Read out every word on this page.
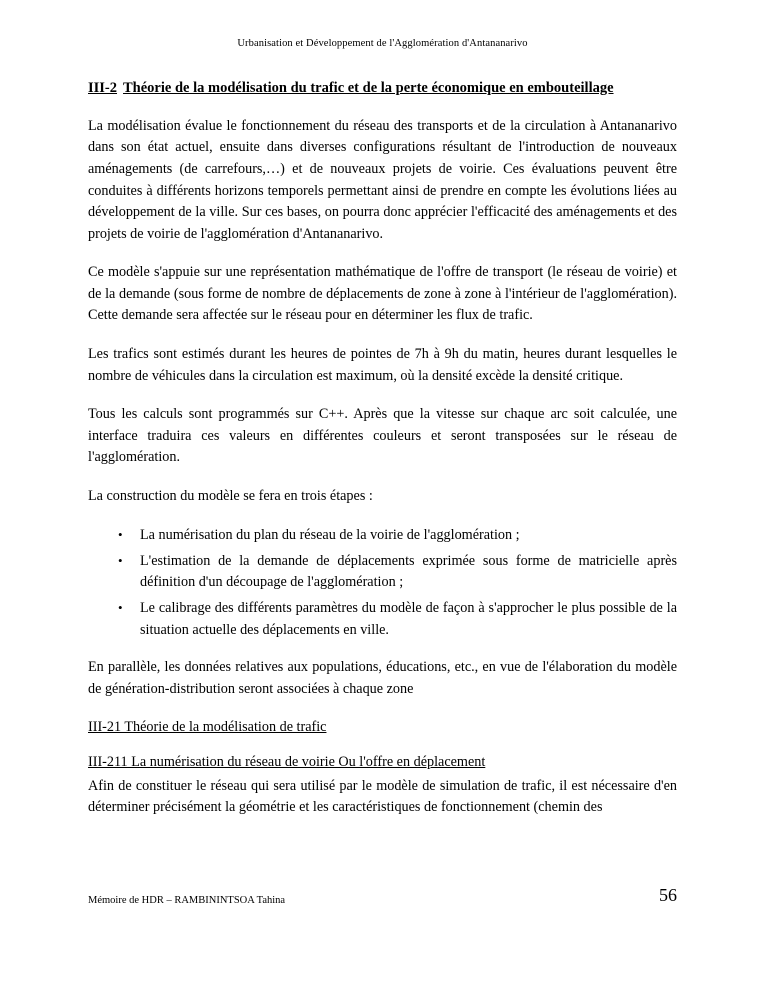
Urbanisation et Développement de l'Agglomération d'Antananarivo
III-2 Théorie de la modélisation du trafic et de la perte économique en embouteillage

La modélisation évalue le fonctionnement du réseau des transports et de la circulation à Antananarivo dans son état actuel, ensuite dans diverses configurations résultant de l'introduction de nouveaux aménagements (de carrefours,…) et de nouveaux projets de voirie. Ces évaluations peuvent être conduites à différents horizons temporels permettant ainsi de prendre en compte les évolutions liées au développement de la ville. Sur ces bases, on pourra donc apprécier l'efficacité des aménagements et des projets de voirie de l'agglomération d'Antananarivo.

Ce modèle s'appuie sur une représentation mathématique de l'offre de transport (le réseau de voirie) et de la demande (sous forme de nombre de déplacements de zone à zone à l'intérieur de l'agglomération). Cette demande sera affectée sur le réseau pour en déterminer les flux de trafic.

Les trafics sont estimés durant les heures de pointes de 7h à 9h du matin, heures durant lesquelles le nombre de véhicules dans la circulation est maximum, où la densité excède la densité critique.

Tous les calculs sont programmés sur C++. Après que la vitesse sur chaque arc soit calculée, une interface traduira ces valeurs en différentes couleurs et seront transposées sur le réseau de l'agglomération.

La construction du modèle se fera en trois étapes :

• La numérisation du plan du réseau de la voirie de l'agglomération ;
• L'estimation de la demande de déplacements exprimée sous forme de matricielle après définition d'un découpage de l'agglomération ;
• Le calibrage des différents paramètres du modèle de façon à s'approcher le plus possible de la situation actuelle des déplacements en ville.

En parallèle, les données relatives aux populations, éducations, etc., en vue de l'élaboration du modèle de génération-distribution seront associées à chaque zone

III-21 Théorie de la modélisation de trafic
III-211 La numérisation du réseau de voirie Ou l'offre en déplacement

Afin de constituer le réseau qui sera utilisé par le modèle de simulation de trafic, il est nécessaire d'en déterminer précisément la géométrie et les caractéristiques de fonctionnement (chemin des

Mémoire de HDR – RAMBININTSOA Tahina	56
